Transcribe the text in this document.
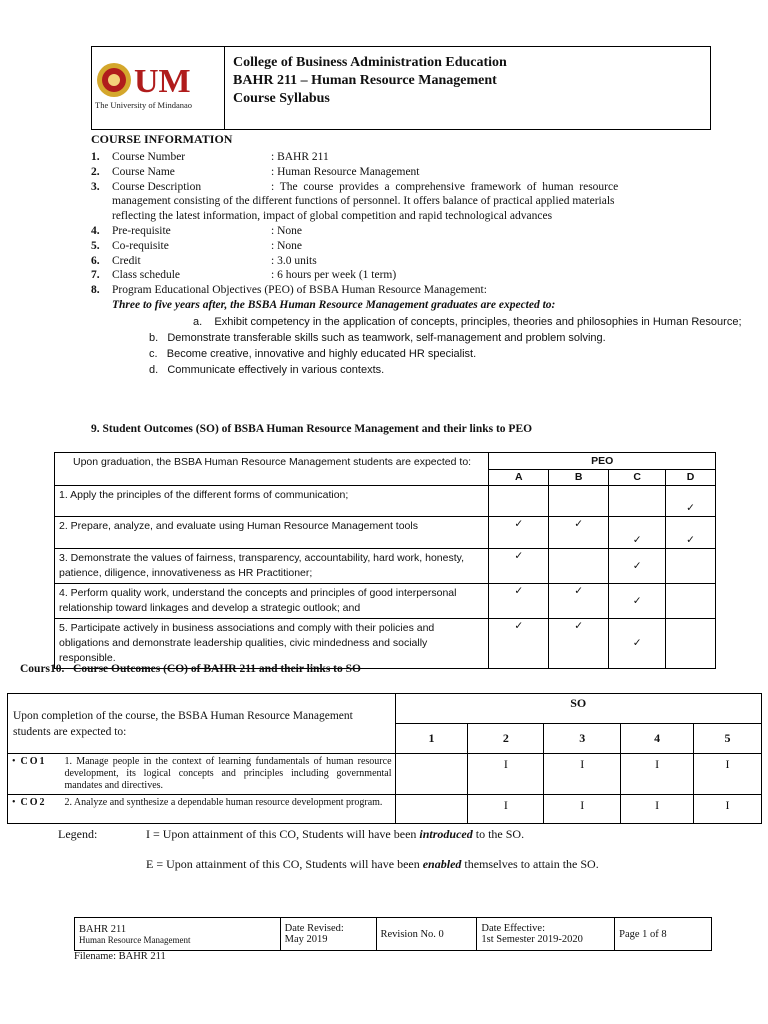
UM
The University of Mindanao
College of Business Administration Education
BAHR 211 – Human Resource Management
Course Syllabus
COURSE INFORMATION
1. Course Number	: BAHR 211
2. Course Name	: Human Resource Management
3. Course Description	:  The  course  provides  a  comprehensive  framework  of  human  resource
management consisting of the different functions of personnel. It offers balance of practical applied materials
reflecting the latest information, impact of global competition and rapid technological advances
4. Pre-requisite	: None
5. Co-requisite	: None
6. Credit	: 3.0 units
7. Class schedule	: 6 hours per week (1 term)
8. Program Educational Objectives (PEO) of BSBA Human Resource Management:
Three to five years after, the BSBA Human Resource Management graduates are expected to:
a. Exhibit competency in the application of concepts, principles, theories and philosophies in Human Resource;
b. Demonstrate transferable skills such as teamwork, self-management and problem solving.
c. Become creative, innovative and highly educated HR specialist.
d. Communicate effectively in various contexts.
9. Student Outcomes (SO) of BSBA Human Resource Management and their links to PEO
Upon graduation, the BSBA Human Resource Management students are expected to:	PEO			
	A	B	C	D
1. Apply the principles of the different forms of communication;				✓
2. Prepare, analyze, and evaluate using Human Resource Management tools	✓	✓	✓	✓
3. Demonstrate the values of fairness, transparency, accountability, hard work, honesty, patience, diligence, innovativeness as HR Practitioner;	✓		✓	
4. Perform quality work, understand the concepts and principles of good interpersonal relationship toward linkages and develop a strategic outlook; and	✓	✓	✓	
5. Participate actively in business associations and comply with their policies and obligations and demonstrate leadership qualities, civic mindedness and socially responsible.	✓	✓	✓	
Cours10.   Course Outcomes (CO) of BAHR 211 and their links to SO
Upon completion of the course, the BSBA Human Resource Management students are expected to:		SO				
		1	2	3	4	5
•  CO1	1. Manage people in the context of learning fundamentals of human resource development, its logical concepts and principles including governmental mandates and directives.		I	I	I	I
•  CO2	2. Analyze and synthesize a dependable human resource development program.		I	I	I	I
Legend:	I = Upon attainment of this CO, Students will have been introduced to the SO.
E = Upon attainment of this CO, Students will have been enabled themselves to attain the SO.
BAHR 211
Human Resource Management

Date Revised:
May 2019	Revision No. 0	Date Effective:
1st Semester 2019-2020	Page 1 of 8
Filename: BAHR 211
